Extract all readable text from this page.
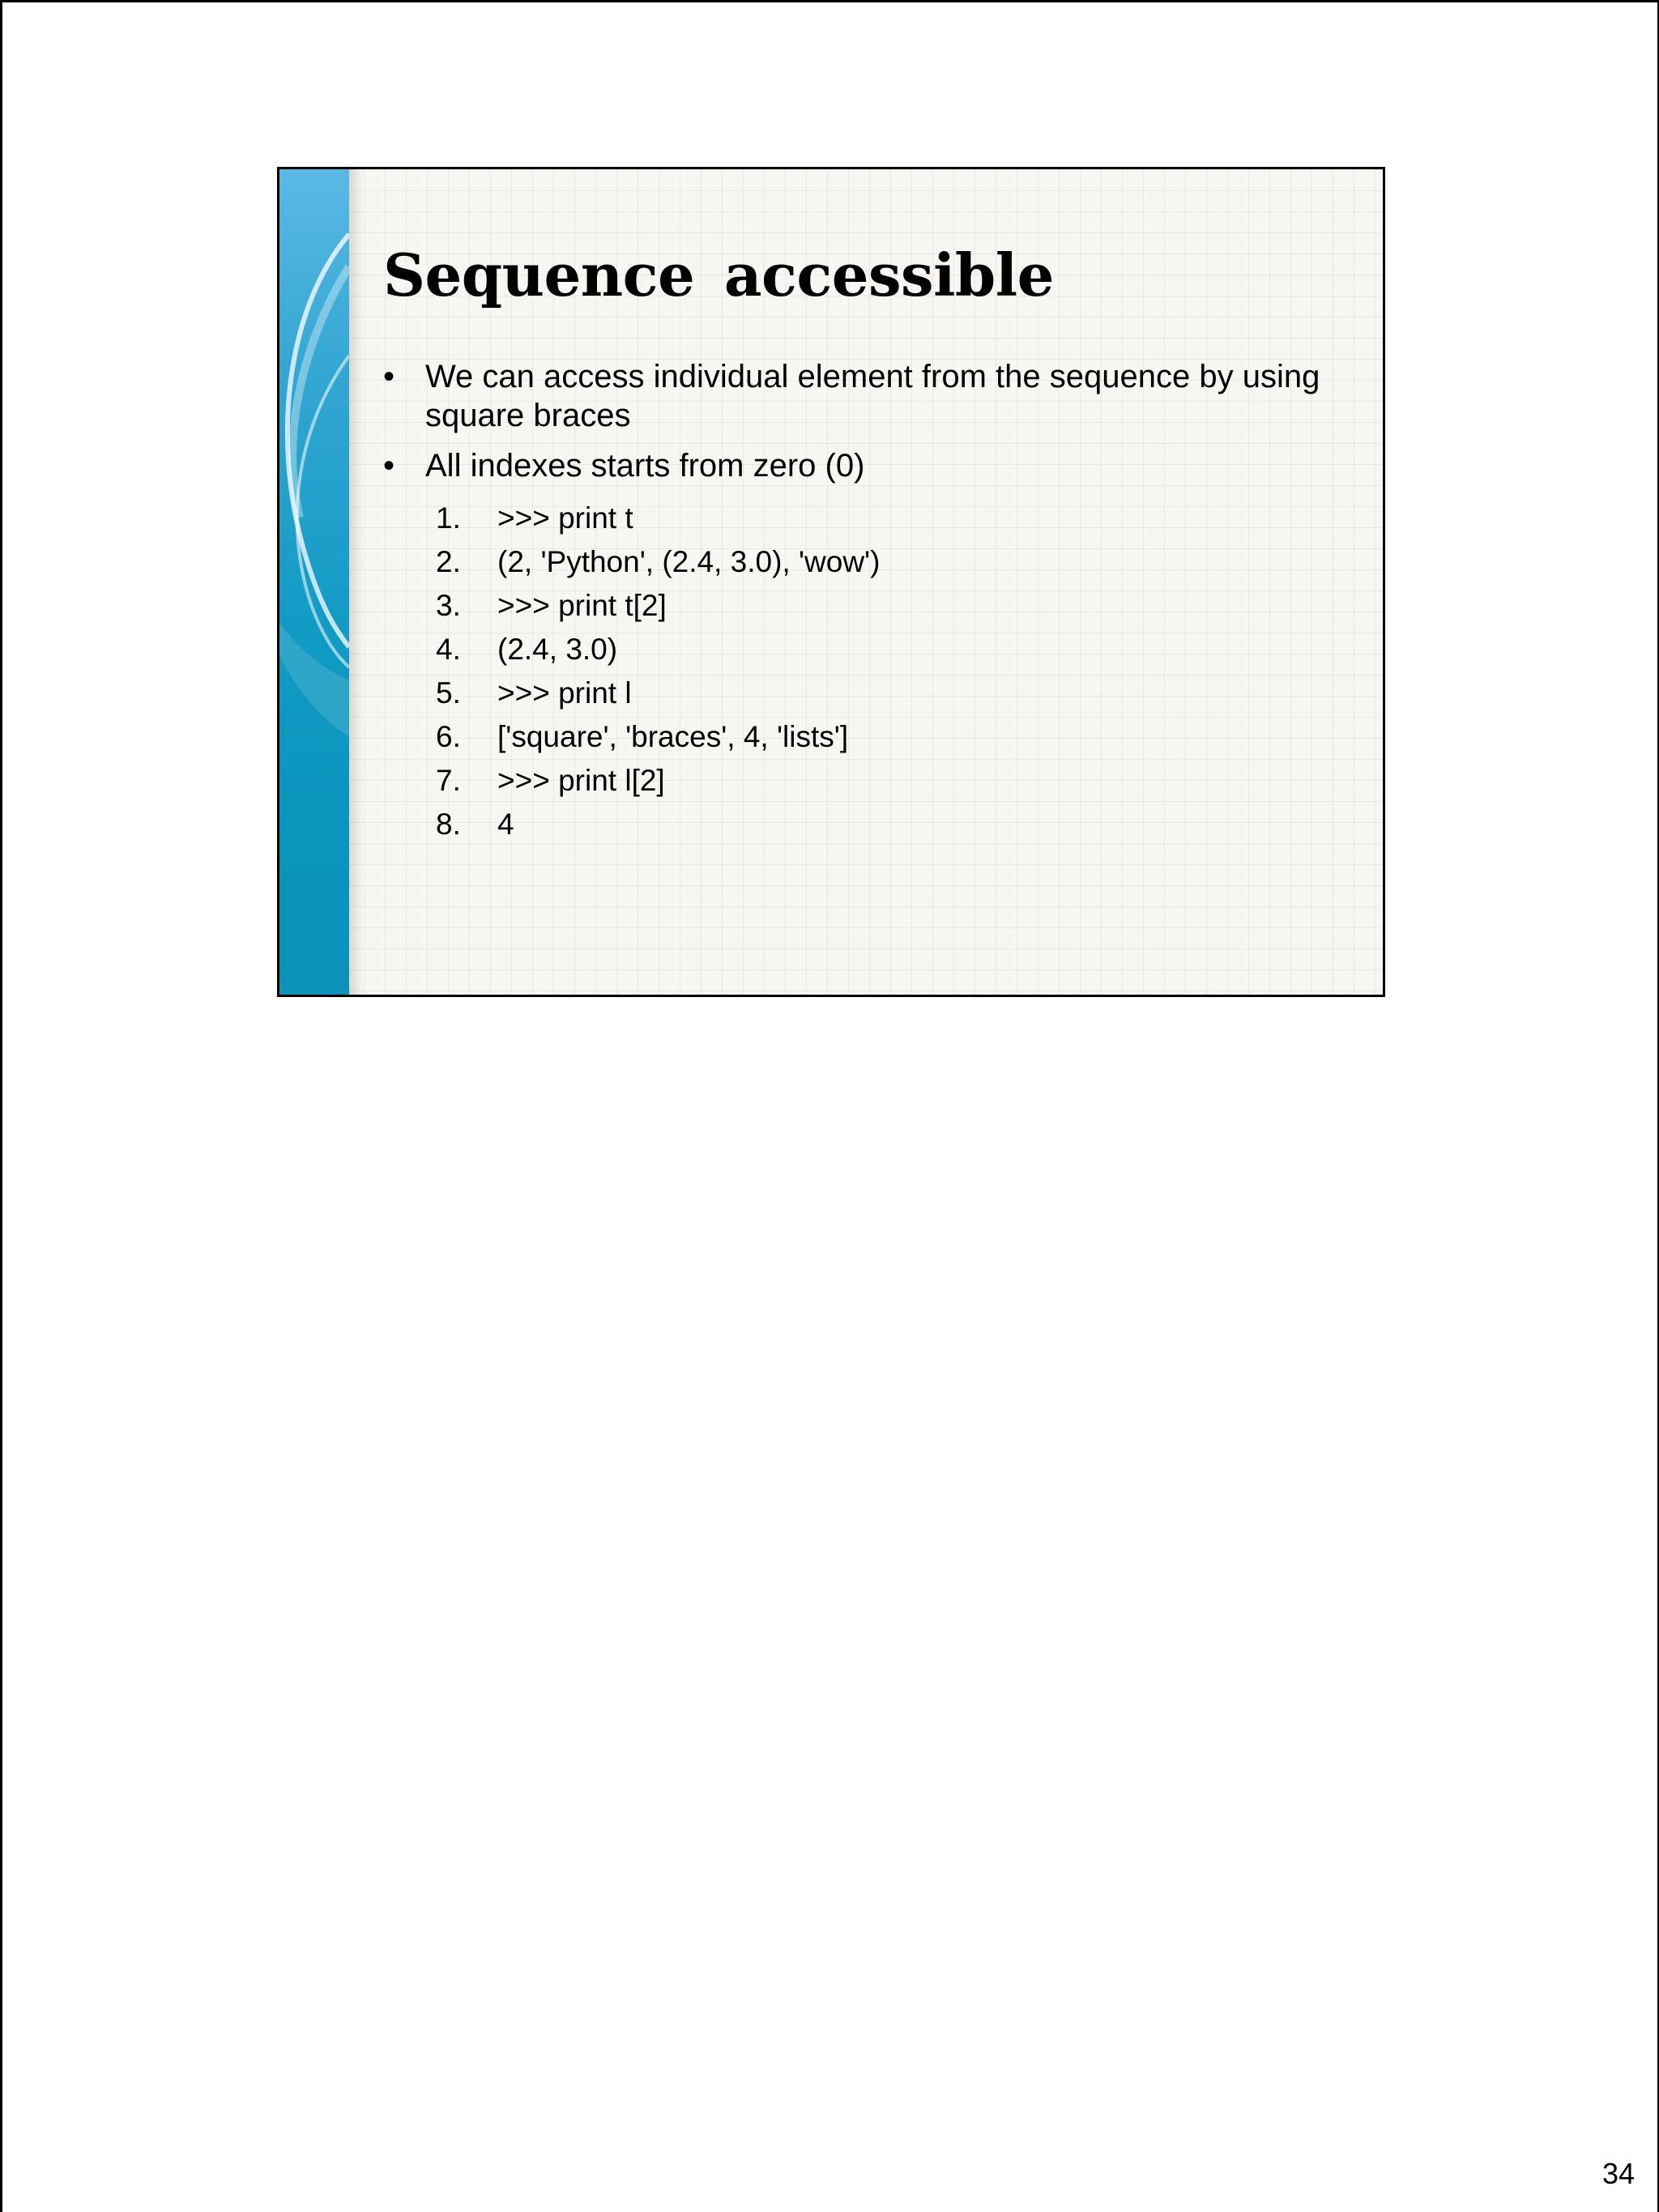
Sequence accessible
• We can access individual element from the sequence by using square braces
• All indexes starts from zero (0)
1.	>>> print t
2.	(2, 'Python', (2.4, 3.0), 'wow')
3.	>>> print t[2]
4.	(2.4, 3.0)
5.	>>> print l
6.	['square', 'braces', 4, 'lists']
7.	>>> print l[2]
8.	4
34
